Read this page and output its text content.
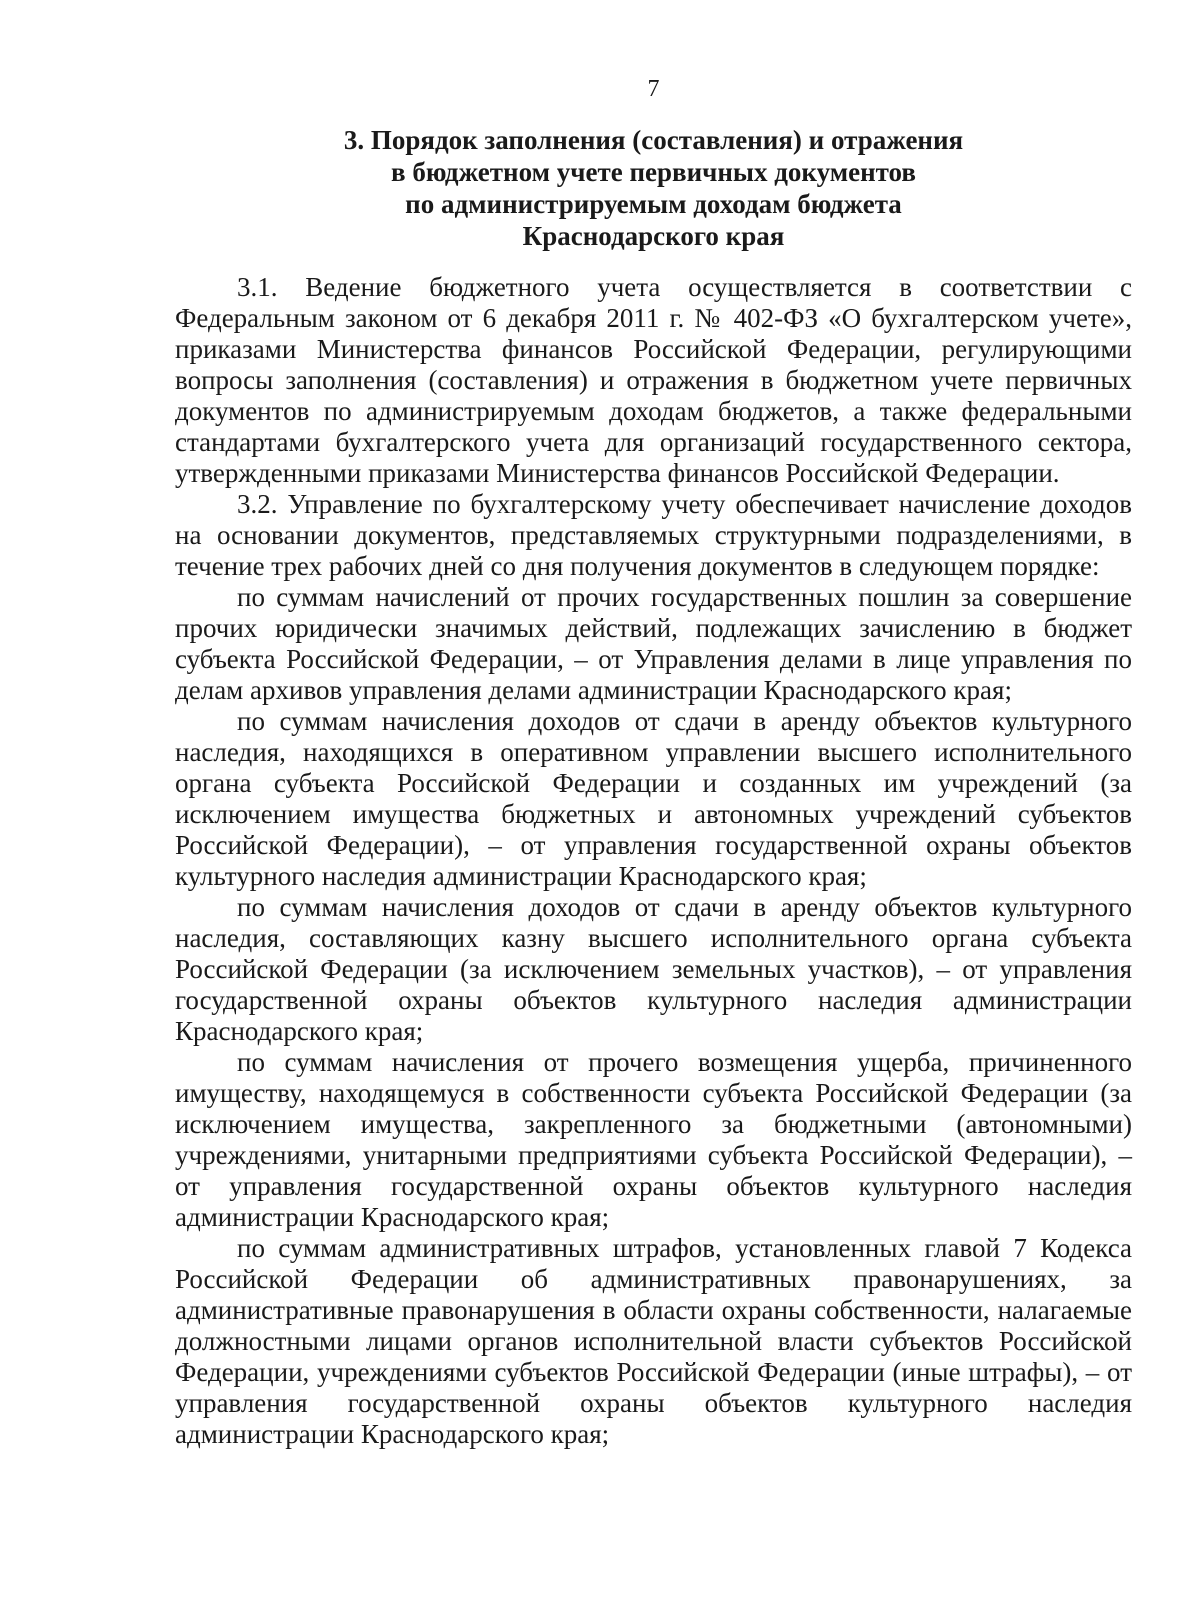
7
3. Порядок заполнения (составления) и отражения
в бюджетном учете первичных документов
по администрируемым доходам бюджета
Краснодарского края

3.1. Ведение бюджетного учета осуществляется в соответствии с Федеральным законом от 6 декабря 2011 г. № 402-ФЗ «О бухгалтерском учете», приказами Министерства финансов Российской Федерации, регулирующими вопросы заполнения (составления) и отражения в бюджетном учете первичных документов по администрируемым доходам бюджетов, а также федеральными стандартами бухгалтерского учета для организаций государственного сектора, утвержденными приказами Министерства финансов Российской Федерации.

3.2. Управление по бухгалтерскому учету обеспечивает начисление доходов на основании документов, представляемых структурными подразделениями, в течение трех рабочих дней со дня получения документов в следующем порядке:

по суммам начислений от прочих государственных пошлин за совершение прочих юридически значимых действий, подлежащих зачислению в бюджет субъекта Российской Федерации, – от Управления делами в лице управления по делам архивов управления делами администрации Краснодарского края;

по суммам начисления доходов от сдачи в аренду объектов культурного наследия, находящихся в оперативном управлении высшего исполнительного органа субъекта Российской Федерации и созданных им учреждений (за исключением имущества бюджетных и автономных учреждений субъектов Российской Федерации), – от управления государственной охраны объектов культурного наследия администрации Краснодарского края;

по суммам начисления доходов от сдачи в аренду объектов культурного наследия, составляющих казну высшего исполнительного органа субъекта Российской Федерации (за исключением земельных участков), – от управления государственной охраны объектов культурного наследия администрации Краснодарского края;

по суммам начисления от прочего возмещения ущерба, причиненного имуществу, находящемуся в собственности субъекта Российской Федерации (за исключением имущества, закрепленного за бюджетными (автономными) учреждениями, унитарными предприятиями субъекта Российской Федерации), – от управления государственной охраны объектов культурного наследия администрации Краснодарского края;

по суммам административных штрафов, установленных главой 7 Кодекса Российской Федерации об административных правонарушениях, за административные правонарушения в области охраны собственности, налагаемые должностными лицами органов исполнительной власти субъектов Российской Федерации, учреждениями субъектов Российской Федерации (иные штрафы), – от управления государственной охраны объектов культурного наследия администрации Краснодарского края;
